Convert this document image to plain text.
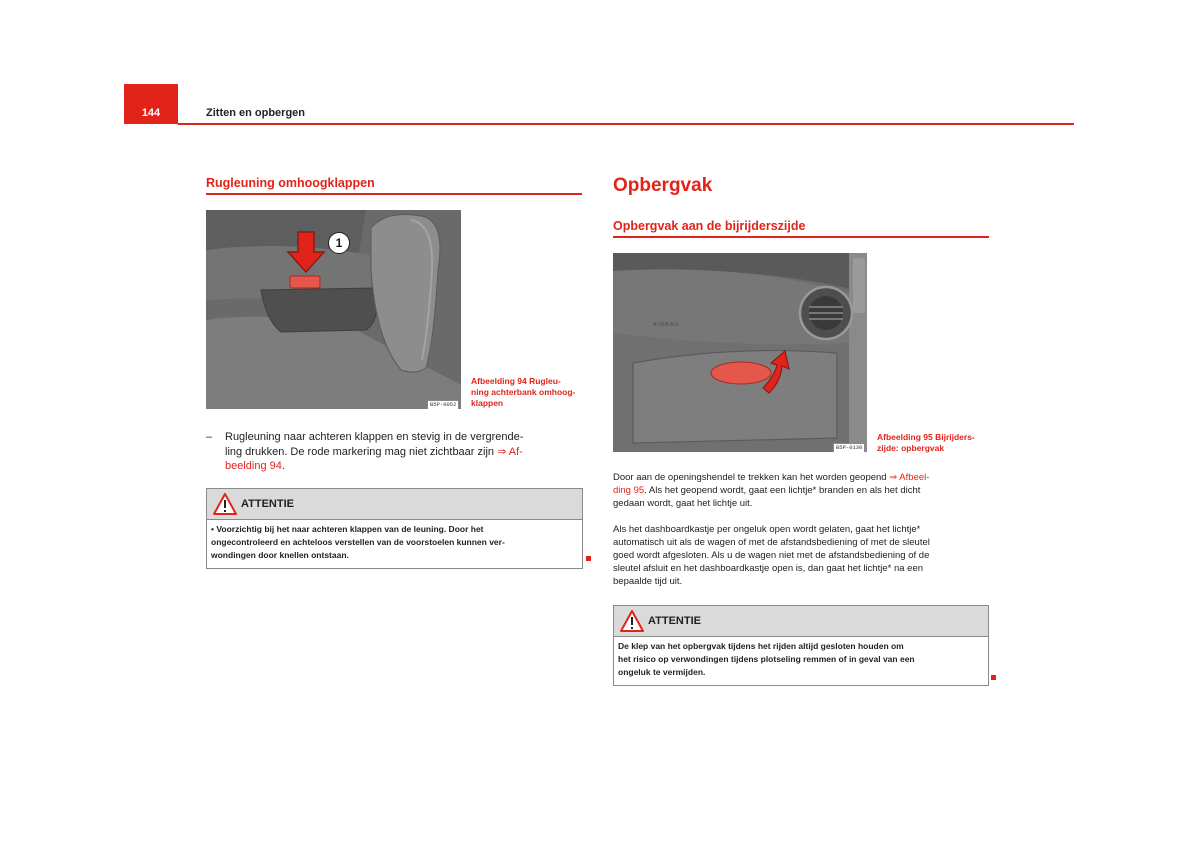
144	Zitten en opbergen
Rugleuning omhoogklappen
1
B5P-0052
Afbeelding 94 Rugleu-
ning achterbank omhoog-
klappen
– Rugleuning naar achteren klappen en stevig in de vergrende-
ling drukken. De rode markering mag niet zichtbaar zijn ⇒ Af-
beelding 94.
ATTENTIE
• Voorzichtig bij het naar achteren klappen van de leuning. Door het
ongecontroleerd en achteloos verstellen van de voorstoelen kunnen ver-
wondingen door knellen ontstaan.
Opbergvak
Opbergvak aan de bijrijderszijde
AIRBAG
B5P-0130
Afbeelding 95 Bijrijders-
zijde: opbergvak
Door aan de openingshendel te trekken kan het worden geopend ⇒ Afbeel-
ding 95. Als het geopend wordt, gaat een lichtje* branden en als het dicht
gedaan wordt, gaat het lichtje uit.
Als het dashboardkastje per ongeluk open wordt gelaten, gaat het lichtje*
automatisch uit als de wagen of met de afstandsbediening of met de sleutel
goed wordt afgesloten. Als u de wagen niet met de afstandsbediening of de
sleutel afsluit en het dashboardkastje open is, dan gaat het lichtje* na een
bepaalde tijd uit.
ATTENTIE
De klep van het opbergvak tijdens het rijden altijd gesloten houden om
het risico op verwondingen tijdens plotseling remmen of in geval van een
ongeluk te vermijden.
